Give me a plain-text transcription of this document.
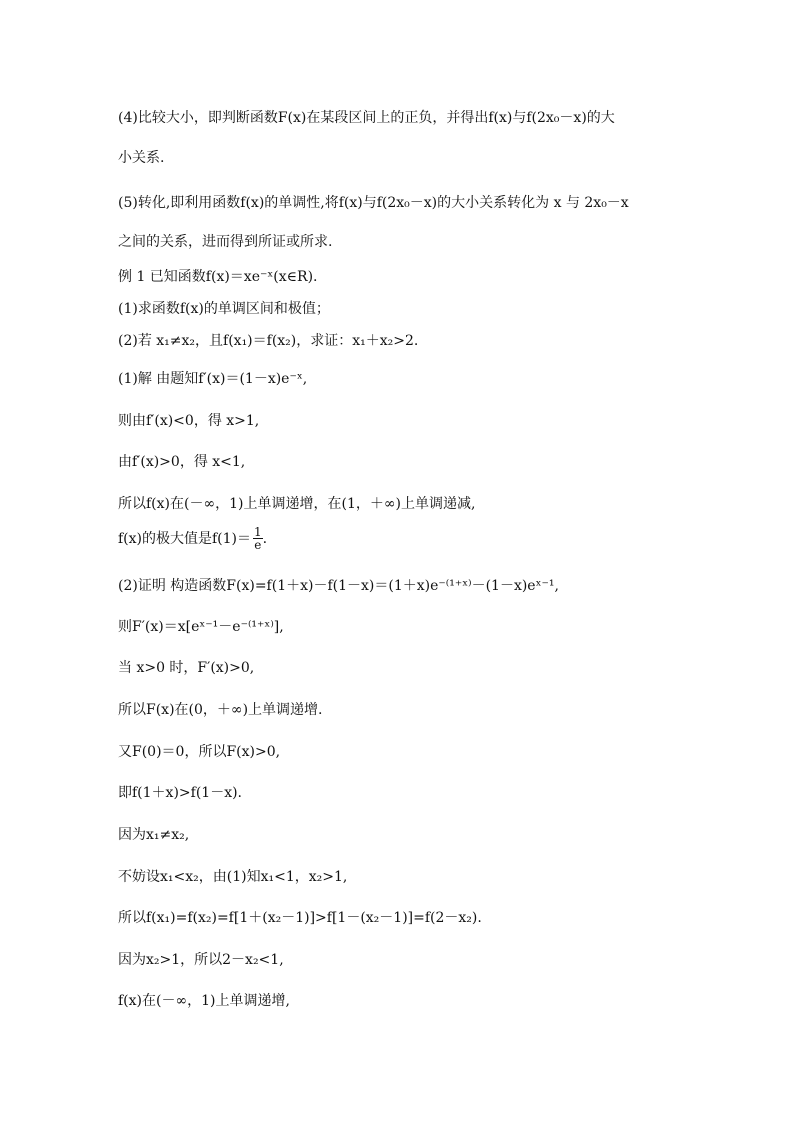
(4)比较大小，即判断函数F(x)在某段区间上的正负，并得出f(x)与f(2x₀－x)的大
小关系.
(5)转化,即利用函数f(x)的单调性,将f(x)与f(2x₀－x)的大小关系转化为 x 与 2x₀－x
之间的关系，进而得到所证或所求.
例 1 已知函数f(x)＝xe⁻ˣ(x∈R).
(1)求函数f(x)的单调区间和极值；
(2)若 x₁≠x₂，且f(x₁)＝f(x₂)，求证：x₁＋x₂>2.
(1)解 由题知f′(x)＝(1－x)e⁻ˣ,
则由f′(x)<0，得 x>1,
由f′(x)>0，得 x<1,
所以f(x)在(－∞，1)上单调递增，在(1，＋∞)上单调递减,
f(x)的极大值是$f(1)= \frac{1}{e}$ .
(2)证明 构造函数F(x)=f(1＋x)－f(1－x)＝(1＋x)e⁻⁽¹⁺ˣ⁾－(1－x)eˣ⁻¹,
则F′(x)＝x[eˣ⁻¹－e⁻⁽¹⁺ˣ⁾],
当 x>0 时，F′(x)>0,
所以F(x)在(0，＋∞)上单调递增.
又F(0)＝0，所以F(x)>0,
即f(1＋x)>f(1－x).
因为x₁≠x₂,
不妨设x₁<x₂，由(1)知x₁<1，x₂>1,
所以f(x₁)=f(x₂)=f[1＋(x₂－1)]>f[1－(x₂－1)]=f(2－x₂).
因为x₂>1，所以2－x₂<1,
f(x)在(－∞，1)上单调递增,
